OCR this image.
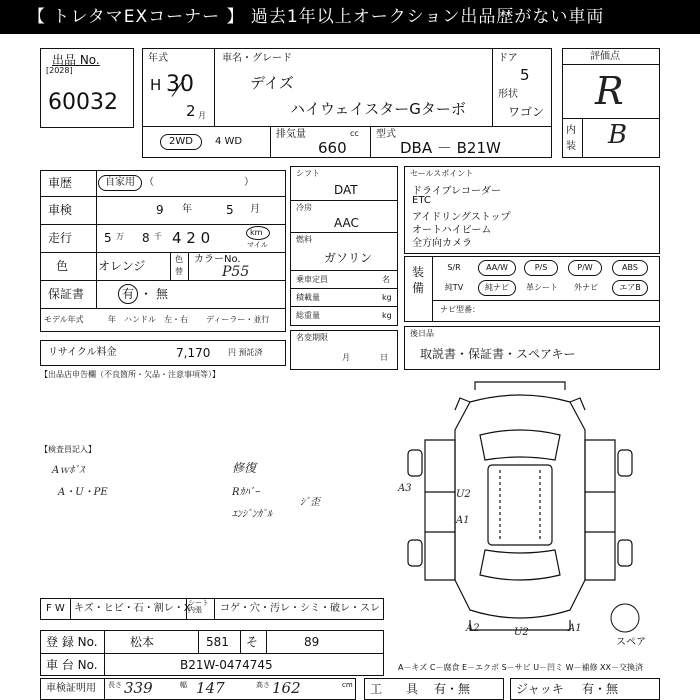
【 トレタマEXコーナー 】 過去1年以上オークション出品歴がない車両
出品 No.
[2028]
60032
年式
H 30
2 月
車名・グレード
デイズ
ハイウェイスターGターボ
ドア
5
形状
ワゴン
2WD	4 WD
排気量	cc
660
型式
DBA － B21W
評価点
R
内
装 B
車歴	自家用 （　　　　　　　　　）
車検	9 年	5 月
走行	5 万 8 千 4 2 0	km
マイル
色 オレンジ	色
替
カラーNo.
P55
保証書	有 ・ 無
モデル年式	年 ハンドル　左・右 ディーラー・並行
シフト
DAT
冷房
AAC
燃料
ガソリン
乗車定員	名
積載量	kg
総重量	kg
名変期限
月	日
セールスポイント
ドライブレコーダー
ETC
アイドリングストップ
オートハイビーム
全方向カメラ
装
備
S/R	AA/W	P/S	P/W	ABS
純TV	純ナビ	革シート	外ナビ	エアB
ナビ型番：
後日品
取説書・保証書・スペアキー
リサイクル料金	7,170 円 預託済
【出品店申告欄（不良箇所・欠品・注意事項等）】
【検査員記入】
Aｗﾎﾞｽ
A・U・PE
修復
Rｶﾊﾞｰ
ｴﾝｼﾞﾝｶﾞﾙ
ｼﾞ歪
A3
U2
A1
A2	U2	A1
スペア
F W キズ・ヒビ・石・割レ・X
シート内張	コゲ・穴・汚レ・シミ・破レ・スレ
登 録 No.	松本	581 そ	89
車 台 No.	B21W-0474745	A－キズ C－腐食 E－エクボ S－サビ U－凹ミ W－補修 XX－交換済
車検証明用 長さ 339	幅 147	高さ 162	cm 工　　具 有・無	ジャッキ 有・無
